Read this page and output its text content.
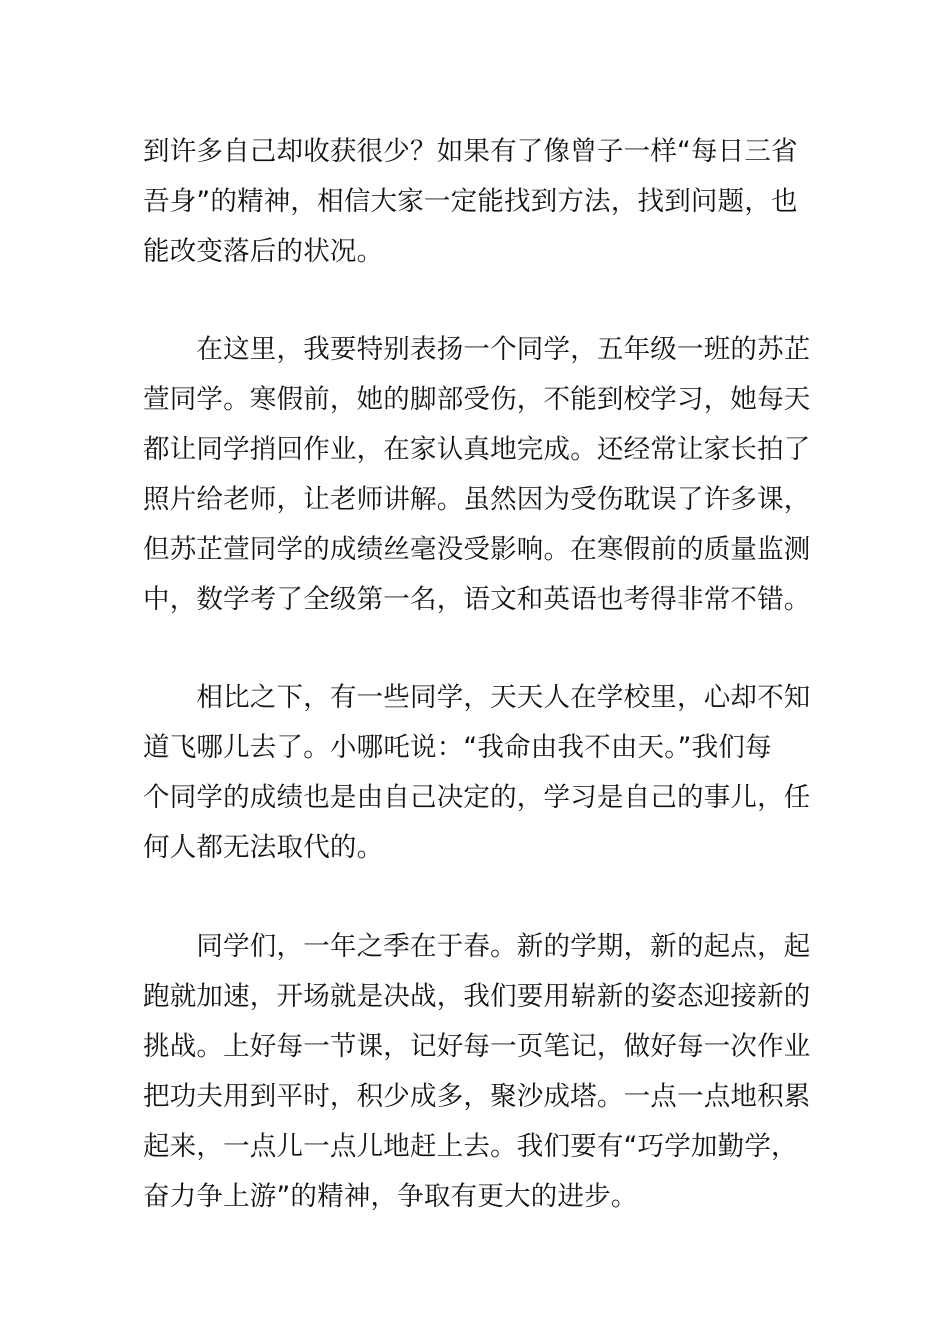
到许多自己却收获很少？如果有了像曾子一样“每日三省
吾身”的精神，相信大家一定能找到方法，找到问题，也
能改变落后的状况。
　　在这里，我要特别表扬一个同学，五年级一班的苏芷
萱同学。寒假前，她的脚部受伤，不能到校学习，她每天
都让同学捎回作业，在家认真地完成。还经常让家长拍了
照片给老师，让老师讲解。虽然因为受伤耽误了许多课，
但苏芷萱同学的成绩丝毫没受影响。在寒假前的质量监测
中，数学考了全级第一名，语文和英语也考得非常不错。
　　相比之下，有一些同学，天天人在学校里，心却不知
道飞哪儿去了。小哪吒说：“我命由我不由天。”我们每
个同学的成绩也是由自己决定的，学习是自己的事儿，任
何人都无法取代的。
　　同学们，一年之季在于春。新的学期，新的起点，起
跑就加速，开场就是决战，我们要用崭新的姿态迎接新的
挑战。上好每一节课，记好每一页笔记，做好每一次作业
把功夫用到平时，积少成多，聚沙成塔。一点一点地积累
起来，一点儿一点儿地赶上去。我们要有“巧学加勤学，
奋力争上游”的精神，争取有更大的进步。
